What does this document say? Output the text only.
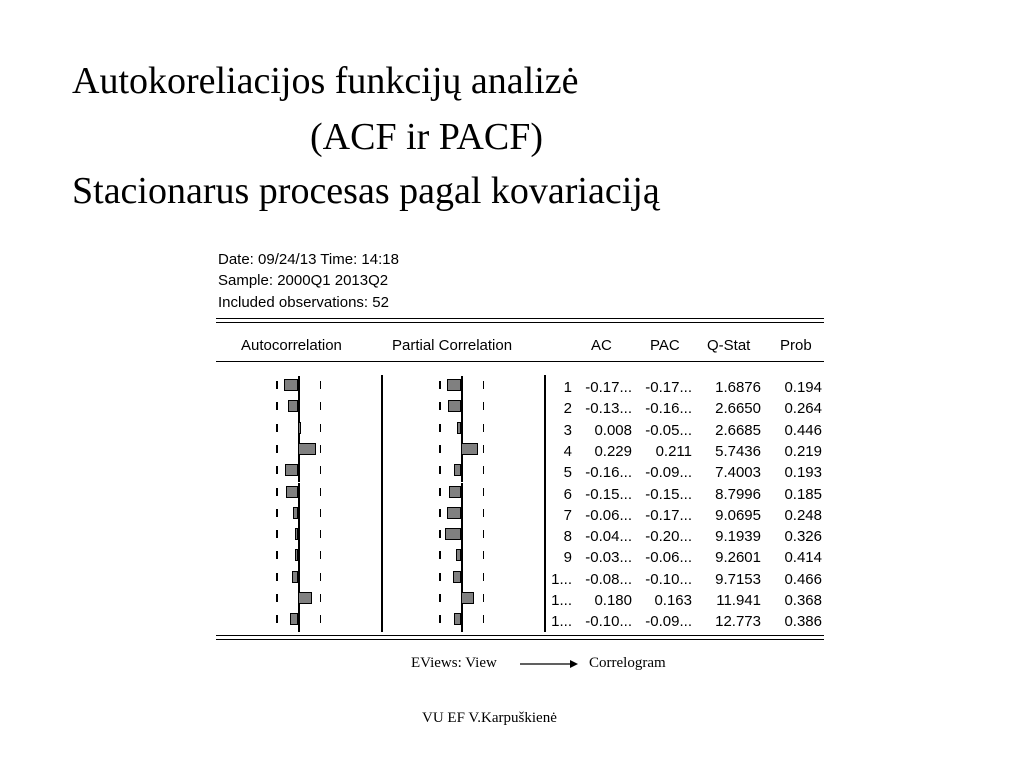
Autokoreliacijos funkcijų analizė
(ACF ir PACF)
Stacionarus procesas pagal kovariaciją
Date: 09/24/13 Time: 14:18
Sample: 2000Q1 2013Q2
Included observations: 52
Autocorrelation	Partial Correlation	AC	PAC Q-Stat Prob
1 -0.17... -0.17...	1.6876	0.194
2 -0.13... -0.16...	2.6650	0.264
3	0.008 -0.05...	2.6685	0.446
4	0.229	0.211	5.7436	0.219
5 -0.16... -0.09...	7.4003	0.193
6 -0.15... -0.15...	8.7996	0.185
7 -0.06... -0.17...	9.0695	0.248
8 -0.04... -0.20...	9.1939	0.326
9 -0.03... -0.06...	9.2601	0.414
1... -0.08... -0.10...	9.7153	0.466
1...	0.180	0.163	11.941	0.368
1... -0.10... -0.09...	12.773	0.386
EViews: View	Correlogram
VU EF V.Karpuškienė
